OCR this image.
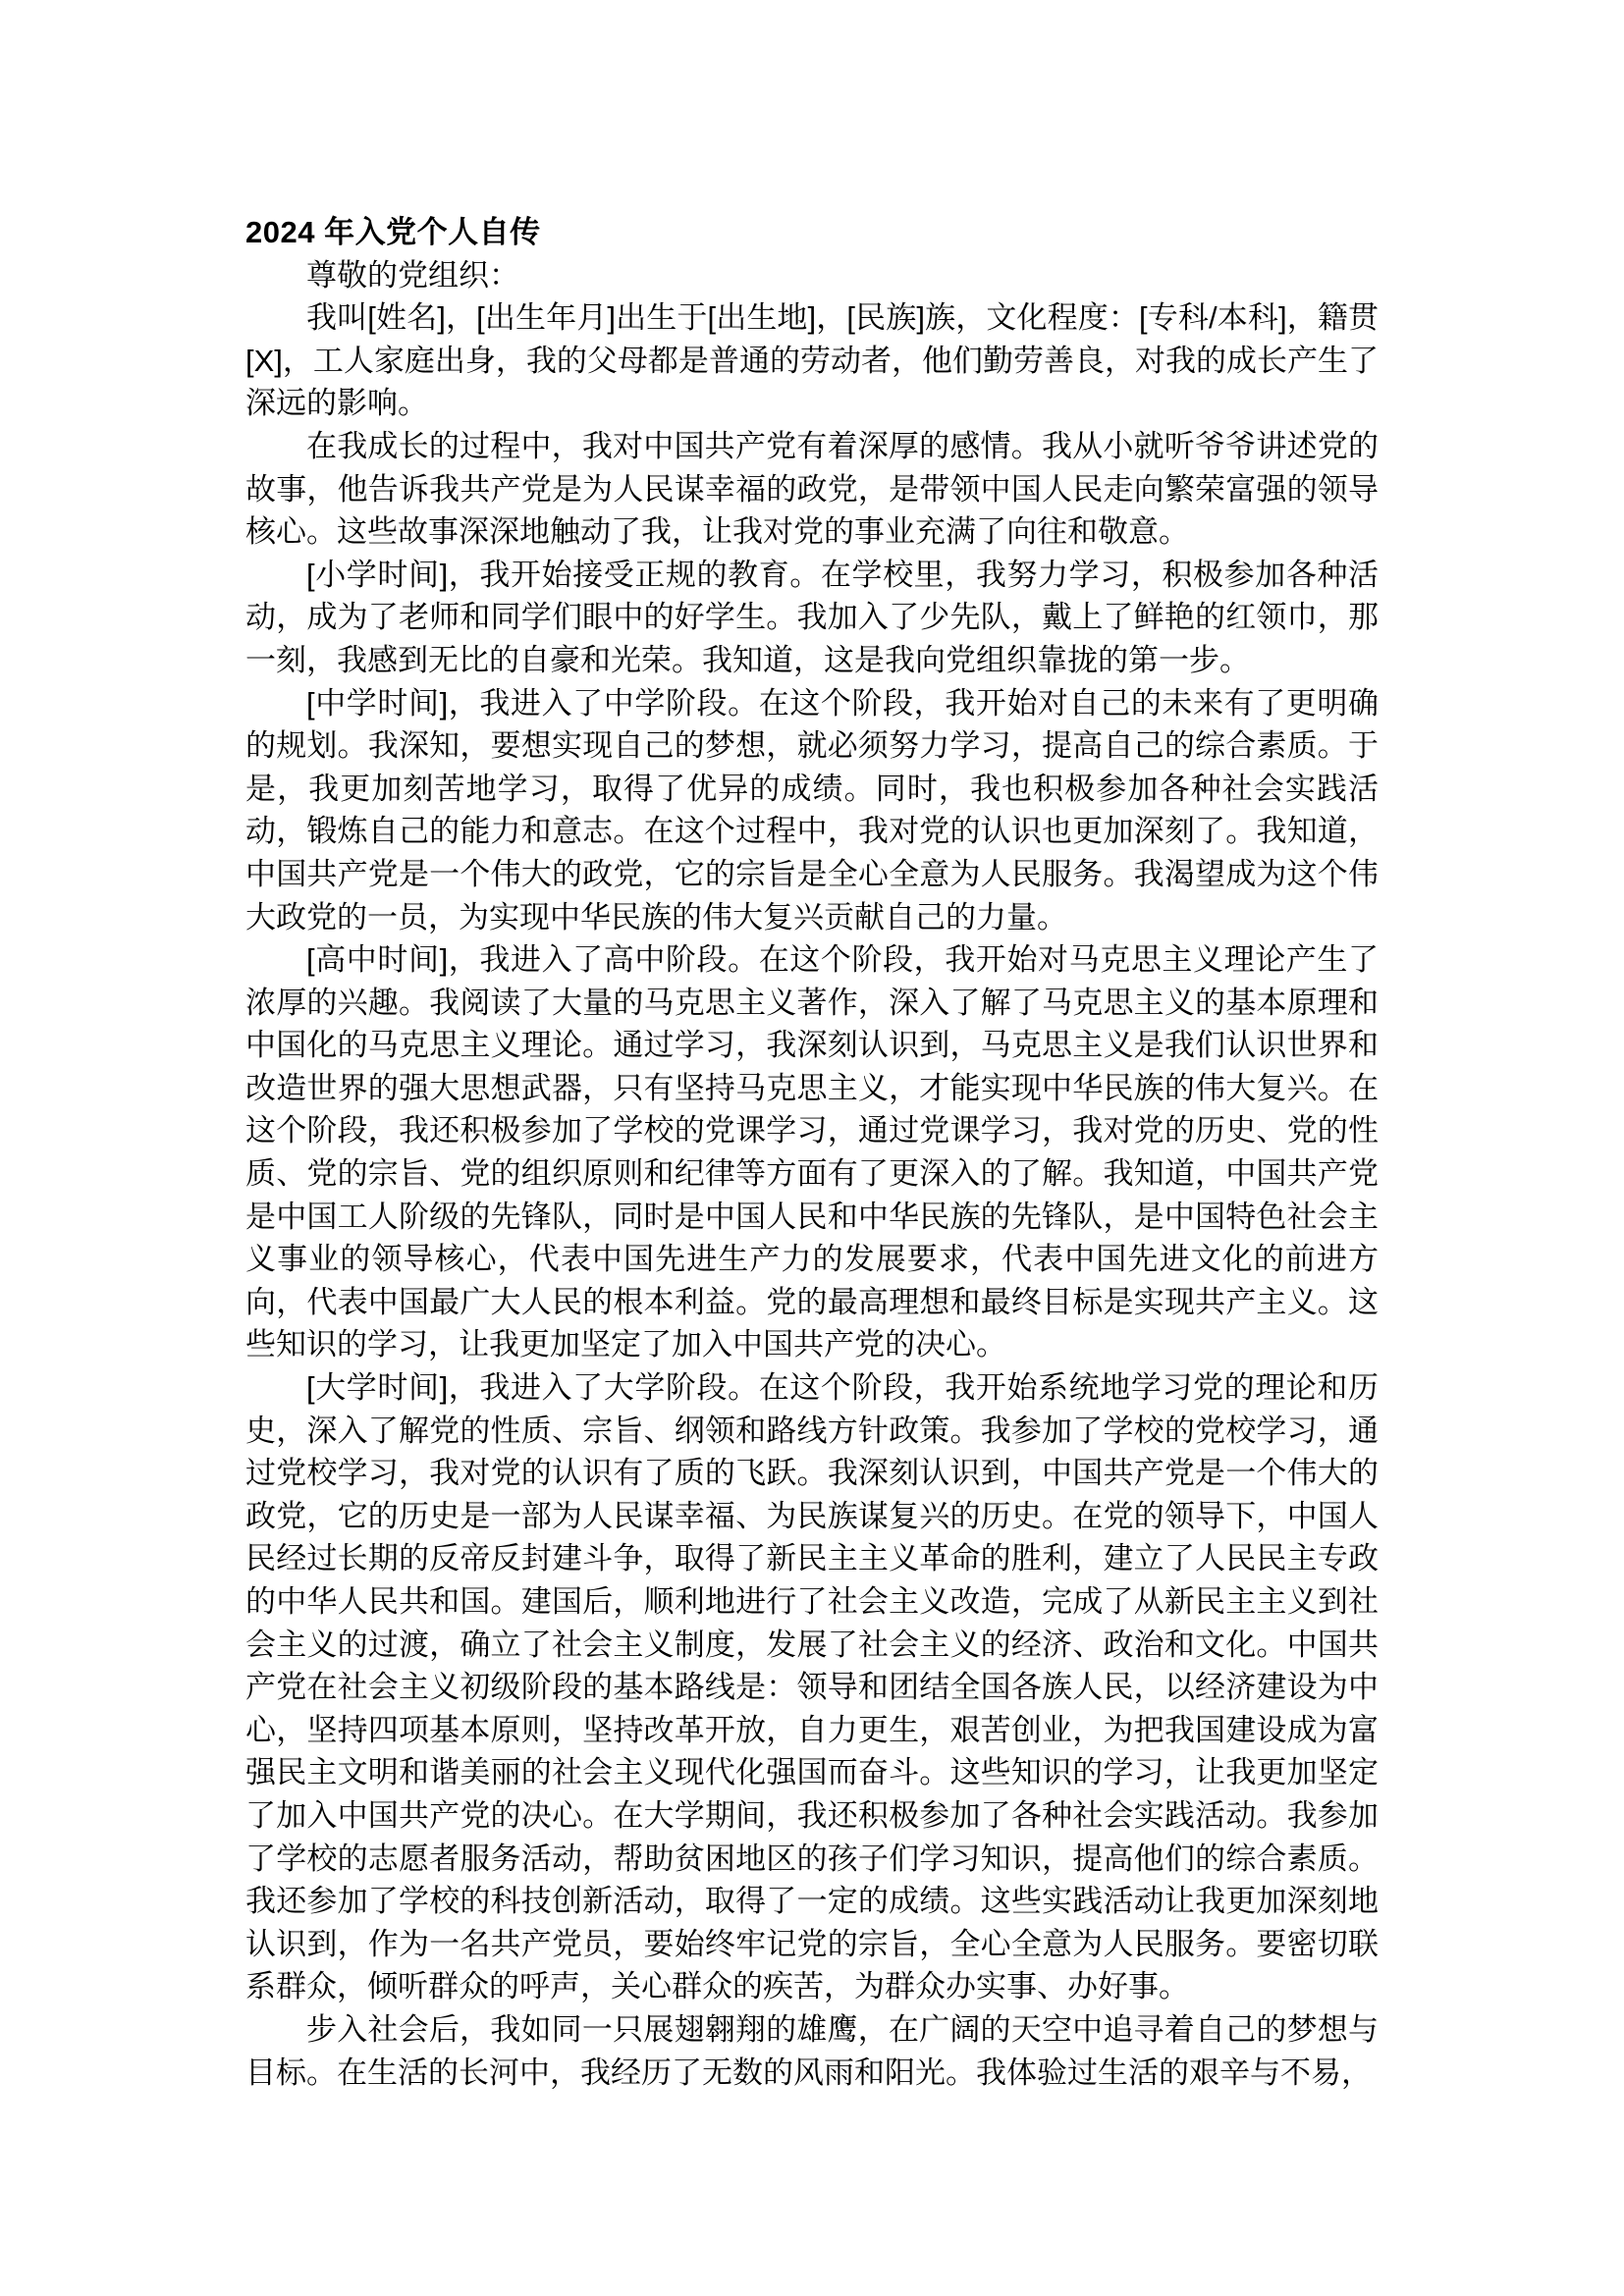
2024 年入党个人自传

尊敬的党组织：

我叫[姓名]，[出生年月]出生于[出生地]，[民族]族，文化程度：[专科/本科]，籍贯[X]，工人家庭出身，我的父母都是普通的劳动者，他们勤劳善良，对我的成长产生了深远的影响。

在我成长的过程中，我对中国共产党有着深厚的感情。我从小就听爷爷讲述党的故事，他告诉我共产党是为人民谋幸福的政党，是带领中国人民走向繁荣富强的领导核心。这些故事深深地触动了我，让我对党的事业充满了向往和敬意。

[小学时间]，我开始接受正规的教育。在学校里，我努力学习，积极参加各种活动，成为了老师和同学们眼中的好学生。我加入了少先队，戴上了鲜艳的红领巾，那一刻，我感到无比的自豪和光荣。我知道，这是我向党组织靠拢的第一步。

[中学时间]，我进入了中学阶段。在这个阶段，我开始对自己的未来有了更明确的规划。我深知，要想实现自己的梦想，就必须努力学习，提高自己的综合素质。于是，我更加刻苦地学习，取得了优异的成绩。同时，我也积极参加各种社会实践活动，锻炼自己的能力和意志。在这个过程中，我对党的认识也更加深刻了。我知道，中国共产党是一个伟大的政党，它的宗旨是全心全意为人民服务。我渴望成为这个伟大政党的一员，为实现中华民族的伟大复兴贡献自己的力量。

[高中时间]，我进入了高中阶段。在这个阶段，我开始对马克思主义理论产生了浓厚的兴趣。我阅读了大量的马克思主义著作，深入了解了马克思主义的基本原理和中国化的马克思主义理论。通过学习，我深刻认识到，马克思主义是我们认识世界和改造世界的强大思想武器，只有坚持马克思主义，才能实现中华民族的伟大复兴。在这个阶段，我还积极参加了学校的党课学习，通过党课学习，我对党的历史、党的性质、党的宗旨、党的组织原则和纪律等方面有了更深入的了解。我知道，中国共产党是中国工人阶级的先锋队，同时是中国人民和中华民族的先锋队，是中国特色社会主义事业的领导核心，代表中国先进生产力的发展要求，代表中国先进文化的前进方向，代表中国最广大人民的根本利益。党的最高理想和最终目标是实现共产主义。这些知识的学习，让我更加坚定了加入中国共产党的决心。

[大学时间]，我进入了大学阶段。在这个阶段，我开始系统地学习党的理论和历史，深入了解党的性质、宗旨、纲领和路线方针政策。我参加了学校的党校学习，通过党校学习，我对党的认识有了质的飞跃。我深刻认识到，中国共产党是一个伟大的政党，它的历史是一部为人民谋幸福、为民族谋复兴的历史。在党的领导下，中国人民经过长期的反帝反封建斗争，取得了新民主主义革命的胜利，建立了人民民主专政的中华人民共和国。建国后，顺利地进行了社会主义改造，完成了从新民主主义到社会主义的过渡，确立了社会主义制度，发展了社会主义的经济、政治和文化。中国共产党在社会主义初级阶段的基本路线是：领导和团结全国各族人民，以经济建设为中心，坚持四项基本原则，坚持改革开放，自力更生，艰苦创业，为把我国建设成为富强民主文明和谐美丽的社会主义现代化强国而奋斗。这些知识的学习，让我更加坚定了加入中国共产党的决心。在大学期间，我还积极参加了各种社会实践活动。我参加了学校的志愿者服务活动，帮助贫困地区的孩子们学习知识，提高他们的综合素质。我还参加了学校的科技创新活动，取得了一定的成绩。这些实践活动让我更加深刻地认识到，作为一名共产党员，要始终牢记党的宗旨，全心全意为人民服务。要密切联系群众，倾听群众的呼声，关心群众的疾苦，为群众办实事、办好事。

步入社会后，我如同一只展翅翱翔的雄鹰，在广阔的天空中追寻着自己的梦想与目标。在生活的长河中，我经历了无数的风雨和阳光。我体验过生活的艰辛与不易，
